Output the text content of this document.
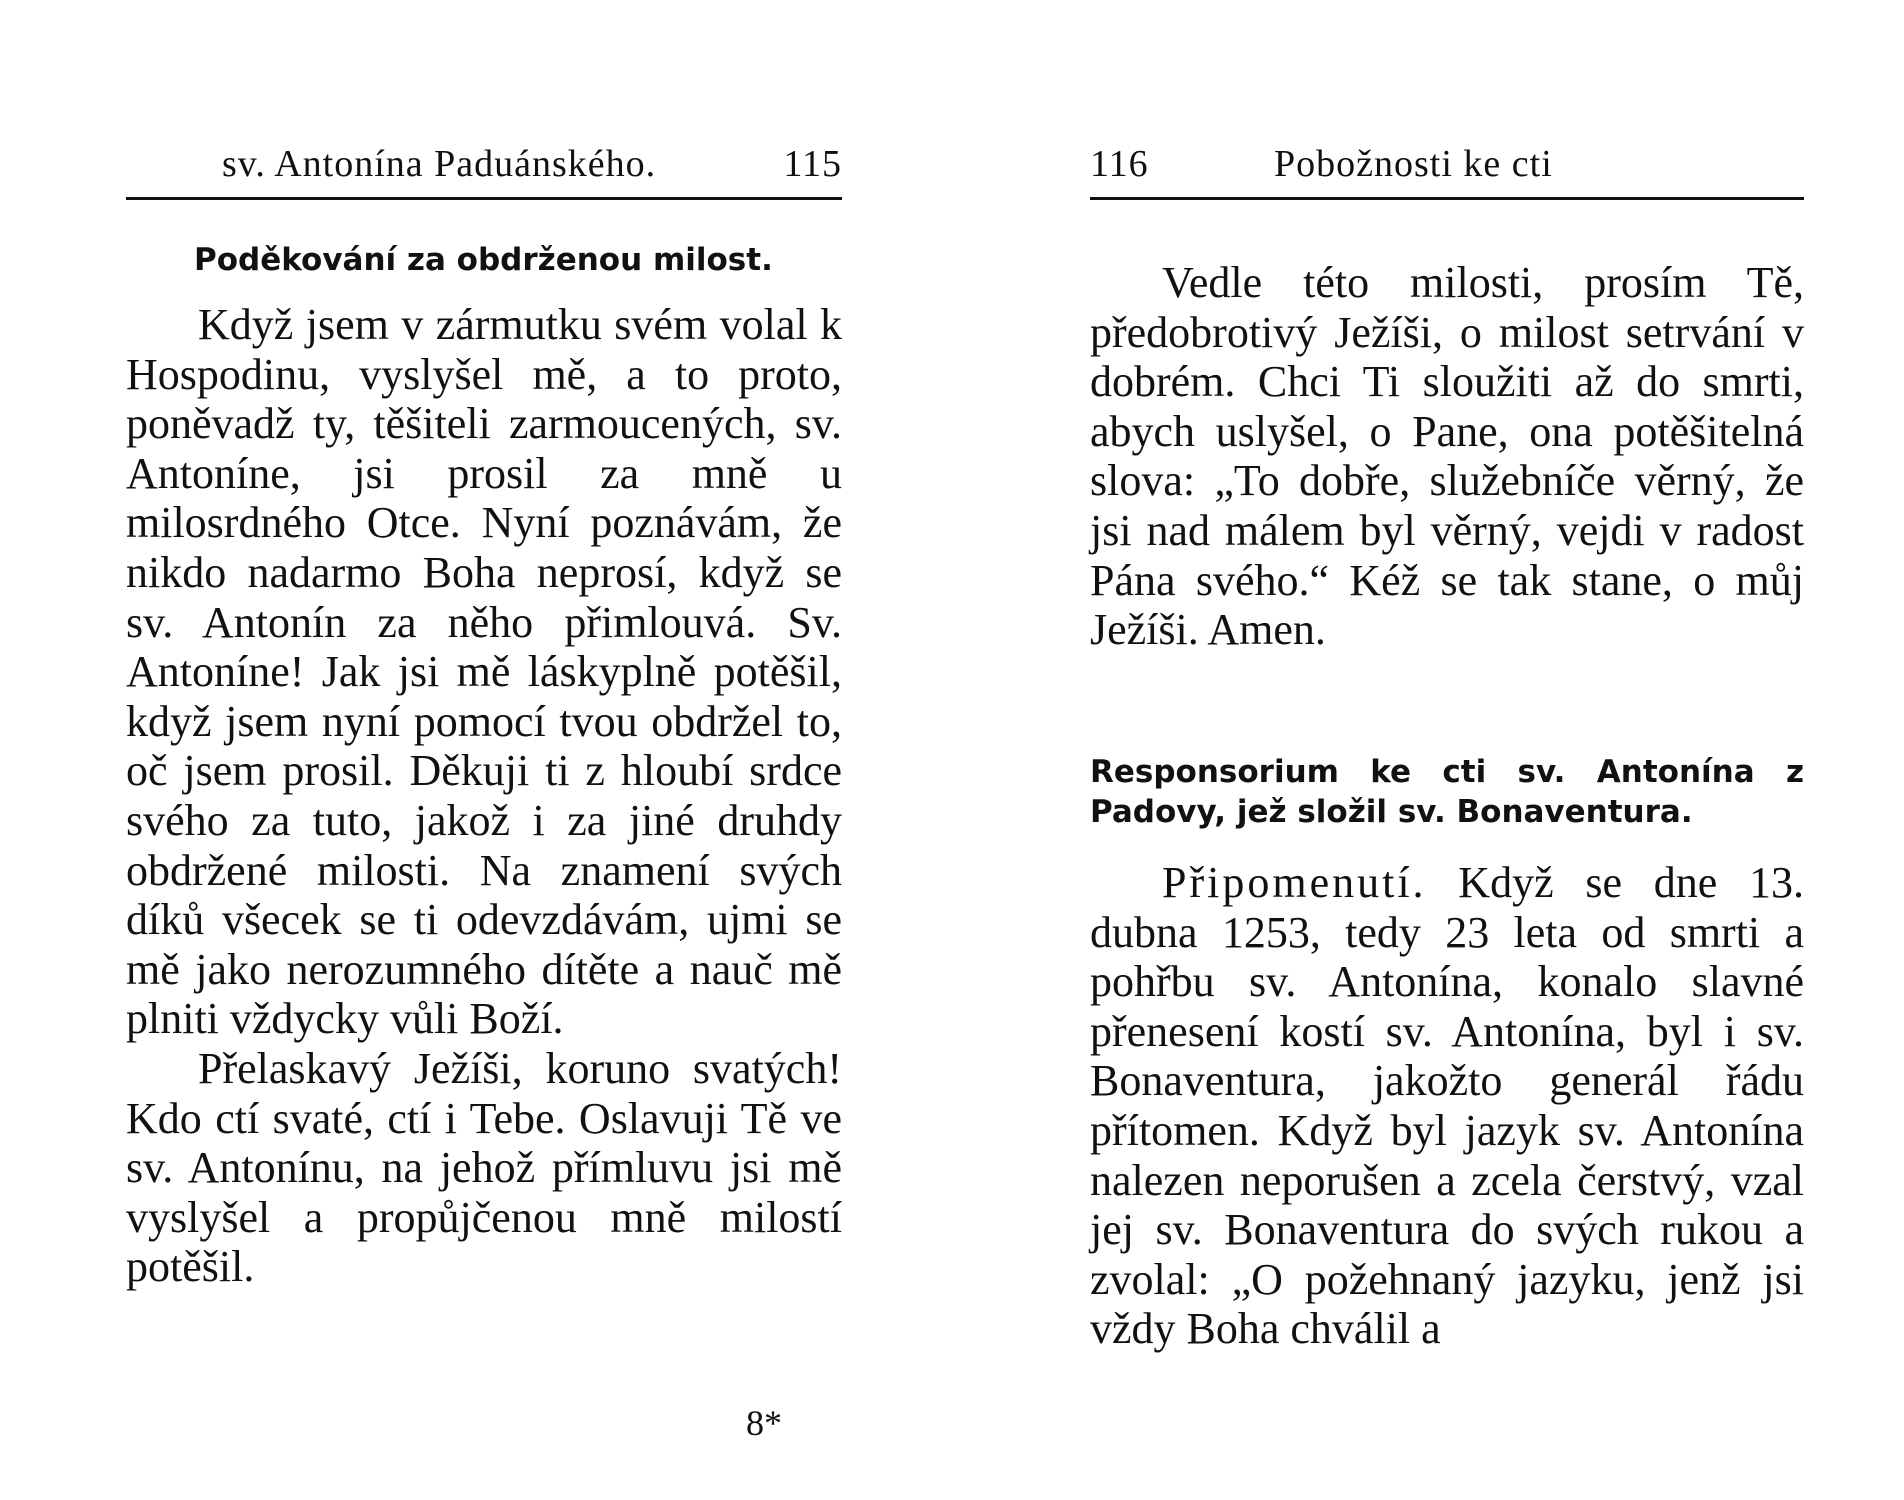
sv. Antonína Paduánského.	115
Poděkování za obdrženou milost.

Když jsem v zármutku svém volal k Hospodinu, vyslyšel mě, a to proto, poněvadž ty, těšiteli zarmoucených, sv. Antoníne, jsi prosil za mně u milosrdného Otce. Nyní poznávám, že nikdo nadarmo Boha neprosí, když se sv. Antonín za něho přimlouvá. Sv. Antoníne! Jak jsi mě láskyplně potěšil, když jsem nyní pomocí tvou obdržel to, oč jsem prosil. Děkuji ti z hloubí srdce svého za tuto, jakož i za jiné druhdy obdržené milosti. Na znamení svých díků všecek se ti odevzdávám, ujmi se mě jako nerozumného dítěte a nauč mě plniti vždycky vůli Boží.

Přelaskavý Ježíši, koruno svatých! Kdo ctí svaté, ctí i Tebe. Oslavuji Tě ve sv. Antonínu, na jehož přímluvu jsi mě vyslyšel a propůjčenou mně milostí potěšil.

8*
116	Pobožnosti ke cti

Vedle této milosti, prosím Tě, předobrotivý Ježíši, o milost setrvání v dobrém. Chci Ti sloužiti až do smrti, abych uslyšel, o Pane, ona potěšitelná slova: „To dobře, služebníče věrný, že jsi nad málem byl věrný, vejdi v radost Pána svého.“ Kéž se tak stane, o můj Ježíši. Amen.

Responsorium ke cti sv. Antonína z Padovy, jež složil sv. Bonaventura.

Připomenutí. Když se dne 13. dubna 1253, tedy 23 leta od smrti a pohřbu sv. Antonína, konalo slavné přenesení kostí sv. Antonína, byl i sv. Bonaventura, jakožto generál řádu přítomen. Když byl jazyk sv. Antonína nalezen neporušen a zcela čerstvý, vzal jej sv. Bonaventura do svých rukou a zvolal: „O požehnaný jazyku, jenž jsi vždy Boha chválil a
